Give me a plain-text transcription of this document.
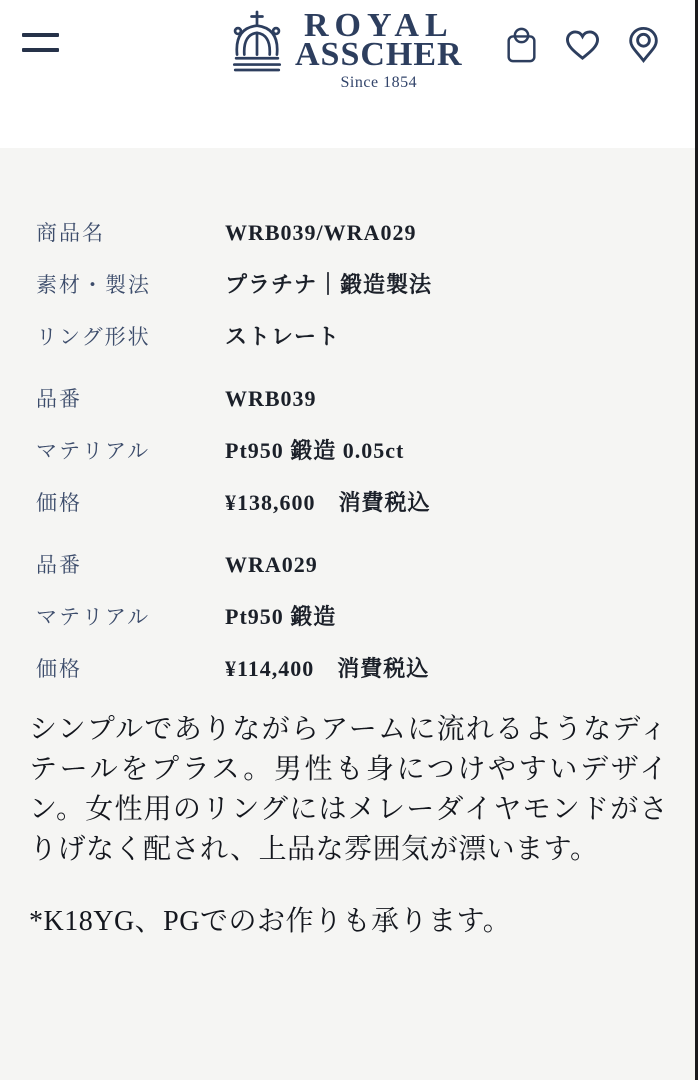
ROYAL
ASSCHER
Since 1854
商品名	WRB039/WRA029
素材・製法	プラチナ｜鍛造製法
リング形状	ストレート
品番	WRB039
マテリアル	Pt950 鍛造 0.05ct
価格	¥138,600　消費税込
品番	WRA029
マテリアル	Pt950 鍛造
価格	¥114,400　消費税込

シンプルでありながらアームに流れるようなディテールをプラス。男性も身につけやすいデザイン。女性用のリングにはメレーダイヤモンドがさりげなく配され、上品な雰囲気が漂います。

*K18YG、PGでのお作りも承ります。
